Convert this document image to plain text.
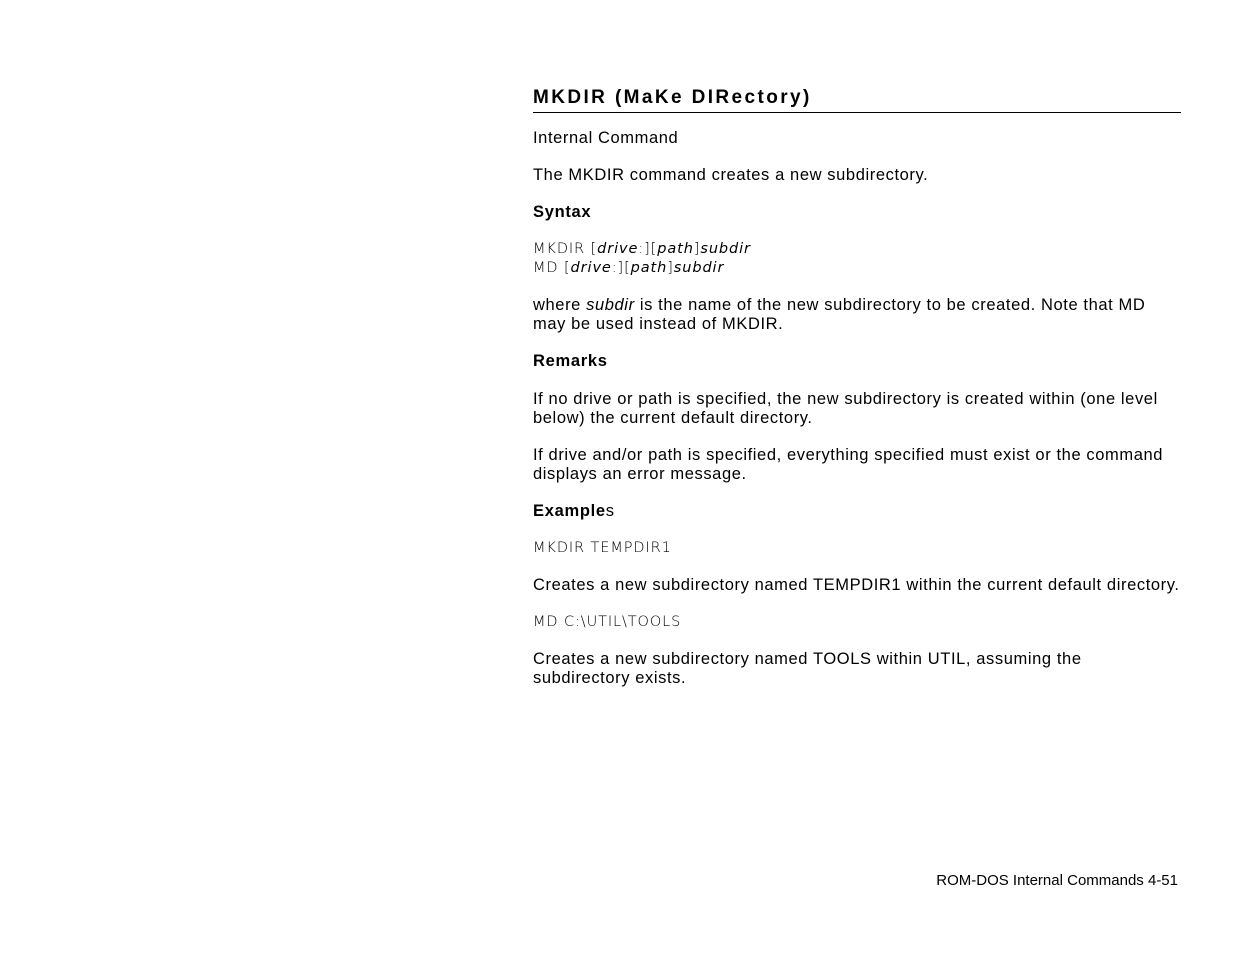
MKDIR (MaKe DIRectory)

Internal Command

The MKDIR command creates a new subdirectory.

Syntax

MKDIR [drive:][path]subdir

MD [drive:][path]subdir

where subdir is the name of the new subdirectory to be created. Note that MD may be used instead of MKDIR.

Remarks

If no drive or path is specified, the new subdirectory is created within (one level below) the current default directory.

If drive and/or path is specified, everything specified must exist or the command displays an error message.

Examples

MKDIR TEMPDIR1

Creates a new subdirectory named TEMPDIR1 within the current default directory.

MD C:\UTIL\TOOLS

Creates a new subdirectory named TOOLS within UTIL, assuming the subdirectory exists.

ROM-DOS Internal Commands 4-51
